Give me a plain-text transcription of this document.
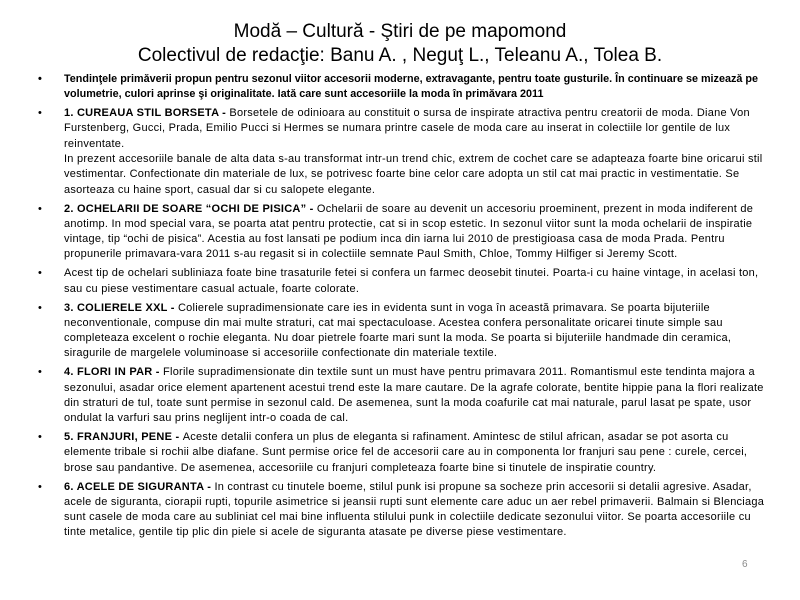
Modă – Cultură - Ştiri de pe mapomond
Colectivul de redacţie: Banu A. , Neguţ L., Teleanu A., Tolea B.
• Tendinţele primăverii propun pentru sezonul viitor accesorii moderne, extravagante, pentru toate gusturile. În continuare se mizează pe volumetrie, culori aprinse şi originalitate. Iată care sunt accesoriile la moda în primăvara 2011
• 1. CUREAUA STIL BORSETA - Borsetele de odinioara au constituit o sursa de inspirate atractiva pentru creatorii de moda. Diane Von Furstenberg, Gucci, Prada, Emilio Pucci si Hermes se numara printre casele de moda care au inserat in colectiile lor gentile de lux reinventate.
In prezent accesoriile banale de alta data s-au transformat intr-un trend chic, extrem de cochet care se adapteaza foarte bine oricarui stil vestimentar. Confectionate din materiale de lux, se potrivesc foarte bine celor care adopta un stil cat mai practic in vestimentatie. Se asorteaza cu haine sport, casual dar si cu salopete elegante.
• 2. OCHELARII DE SOARE “OCHI DE PISICA” - Ochelarii de soare au devenit un accesoriu proeminent, prezent in moda indiferent de anotimp. In mod special vara, se poarta atat pentru protectie, cat si in scop estetic. In sezonul viitor sunt la moda ochelarii de inspiratie vintage, tip “ochi de pisica”. Acestia au fost lansati pe podium inca din iarna lui 2010 de prestigioasa casa de moda Prada. Pentru propunerile primavara-vara 2011 s-au regasit si in colectiile semnate Paul Smith, Chloe, Tommy Hilfiger si Jeremy Scott.
• Acest tip de ochelari subliniaza foate bine trasaturile fetei si confera un farmec deosebit tinutei. Poarta-i cu haine vintage, in acelasi ton, sau cu piese vestimentare casual actuale, foarte colorate.
• 3. COLIERELE XXL - Colierele supradimensionate care ies in evidenta sunt in voga în această primavara. Se poarta bijuteriile neconventionale, compuse din mai multe straturi, cat mai spectaculoase. Acestea confera personalitate oricarei tinute simple sau completeaza excelent o rochie eleganta. Nu doar pietrele foarte mari sunt la moda. Se poarta si bijuteriile handmade din ceramica, siragurile de margelele voluminoase si accesoriile confectionate din materiale textile.
• 4. FLORI IN PAR - Florile supradimensionate din textile sunt un must have pentru primavara 2011. Romantismul este tendinta majora a sezonului, asadar orice element apartenent acestui trend este la mare cautare. De la agrafe colorate, bentite hippie pana la flori realizate din straturi de tul, toate sunt permise in sezonul cald. De asemenea, sunt la moda coafurile cat mai naturale, parul lasat pe spate, usor ondulat la varfuri sau prins neglijent intr-o coada de cal.
• 5. FRANJURI, PENE - Aceste detalii confera un plus de eleganta si rafinament. Amintesc de stilul african, asadar se pot asorta cu elemente tribale si rochii albe diafane. Sunt permise orice fel de accesorii care au in componenta lor franjuri sau pene : curele, cercei, brose sau pandantive. De asemenea, accesoriile cu franjuri completeaza foarte bine si tinutele de inspiratie country.
• 6. ACELE DE SIGURANTA - In contrast cu tinutele boeme, stilul punk isi propune sa socheze prin accesorii si detalii agresive. Asadar, acele de siguranta, ciorapii rupti, topurile asimetrice si jeansii rupti sunt elemente care aduc un aer rebel primaverii. Balmain si Blenciaga sunt casele de moda care au subliniat cel mai bine influenta stilului punk in colectiile dedicate sezonului viitor. Se poarta accesoriile cu tinte metalice, gentile tip plic din piele si acele de siguranta atasate pe diverse piese vestimentare.
6
